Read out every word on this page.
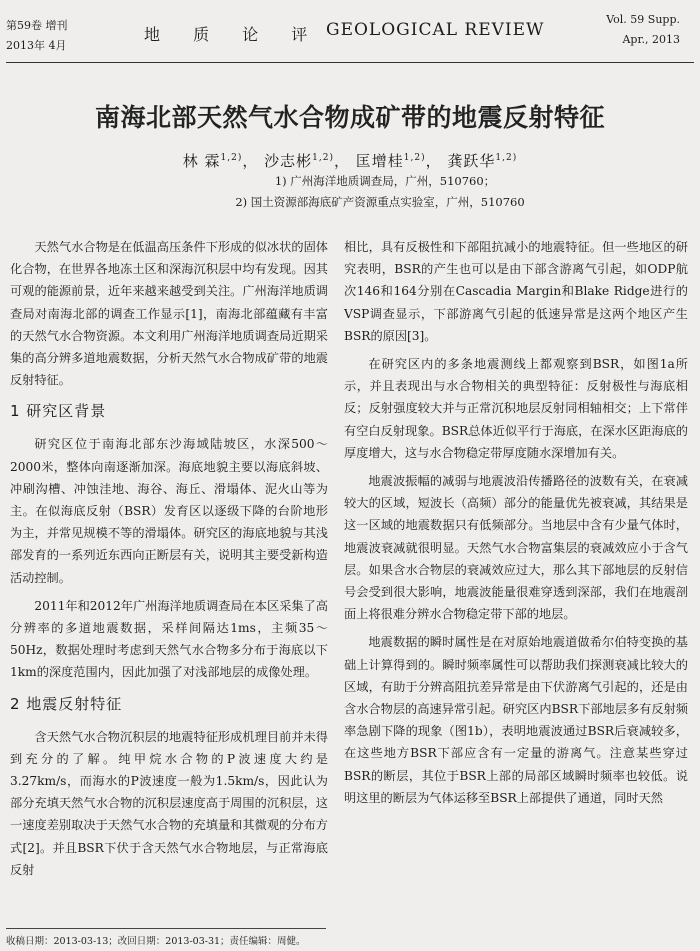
第59卷 增刊
2013年 4月
地 质 论 评 GEOLOGICAL REVIEW
Vol. 59 Supp.
Apr., 2013
南海北部天然气水合物成矿带的地震反射特征
林 霖$^{1,2)}$， 沙志彬$^{1,2)}$， 匡增桂$^{1,2)}$， 龚跃华$^{1,2)}$
1) 广州海洋地质调查局，广州，510760；
2) 国土资源部海底矿产资源重点实验室，广州，510760

天然气水合物是在低温高压条件下形成的似冰状的固体化合物，在世界各地冻土区和深海沉积层中均有发现。因其可观的能源前景，近年来越来越受到关注。广州海洋地质调查局对南海北部的调查工作显示[1]，南海北部蕴藏有丰富的天然气水合物资源。本文利用广州海洋地质调查局近期采集的高分辨多道地震数据，分析天然气水合物成矿带的地震反射特征。

1 研究区背景

研究区位于南海北部东沙海域陆坡区，水深500～2000米，整体向南逐渐加深。海底地貌主要以海底斜坡、冲刷沟槽、冲蚀洼地、海谷、海丘、滑塌体、泥火山等为主。在似海底反射（BSR）发育区以逐级下降的台阶地形为主，并常见规模不等的滑塌体。研究区的海底地貌与其浅部发育的一系列近东西向正断层有关，说明其主要受新构造活动控制。

2011年和2012年广州海洋地质调查局在本区采集了高分辨率的多道地震数据，采样间隔达1ms，主频35～50Hz，数据处理时考虑到天然气水合物多分布于海底以下1km的深度范围内，因此加强了对浅部地层的成像处理。

2 地震反射特征

含天然气水合物沉积层的地震特征形成机理目前并未得到充分的了解。纯甲烷水合物的P波速度大约是3.27km/s，而海水的P波速度一般为1.5km/s，因此认为部分充填天然气水合物的沉积层速度高于周围的沉积层，这一速度差别取决于天然气水合物的充填量和其微观的分布方式[2]。并且BSR下伏于含天然气水合物地层，与正常海底反射

相比，具有反极性和下部阻抗减小的地震特征。但一些地区的研究表明，BSR的产生也可以是由下部含游离气引起，如ODP航次146和164分别在Cascadia Margin和Blake Ridge进行的VSP调查显示，下部游离气引起的低速异常是这两个地区产生BSR的原因[3]。

在研究区内的多条地震测线上都观察到BSR，如图1a所示，并且表现出与水合物相关的典型特征：反射极性与海底相反；反射强度较大并与正常沉积地层反射同相轴相交；上下常伴有空白反射现象。BSR总体近似平行于海底，在深水区距海底的厚度增大，这与水合物稳定带厚度随水深增加有关。

地震波振幅的减弱与地震波沿传播路径的波数有关，在衰减较大的区域，短波长（高频）部分的能量优先被衰减，其结果是这一区域的地震数据只有低频部分。当地层中含有少量气体时，地震波衰减就很明显。天然气水合物富集层的衰减效应小于含气层。如果含水合物层的衰减效应过大，那么其下部地层的反射信号会受到很大影响，地震波能量很难穿透到深部，我们在地震剖面上将很难分辨水合物稳定带下部的地层。

地震数据的瞬时属性是在对原始地震道做希尔伯特变换的基础上计算得到的。瞬时频率属性可以帮助我们探测衰减比较大的区域，有助于分辨高阻抗差异常是由下伏游离气引起的，还是由含水合物层的高速异常引起。研究区内BSR下部地层多有反射频率急剧下降的现象（图1b），表明地震波通过BSR后衰减较多，在这些地方BSR下部应含有一定量的游离气。注意某些穿过BSR的断层，其位于BSR上部的局部区域瞬时频率也较低。说明这里的断层为气体运移至BSR上部提供了通道，同时天然

收稿日期：2013-03-13；改回日期：2013-03-31；责任编辑：周健。
